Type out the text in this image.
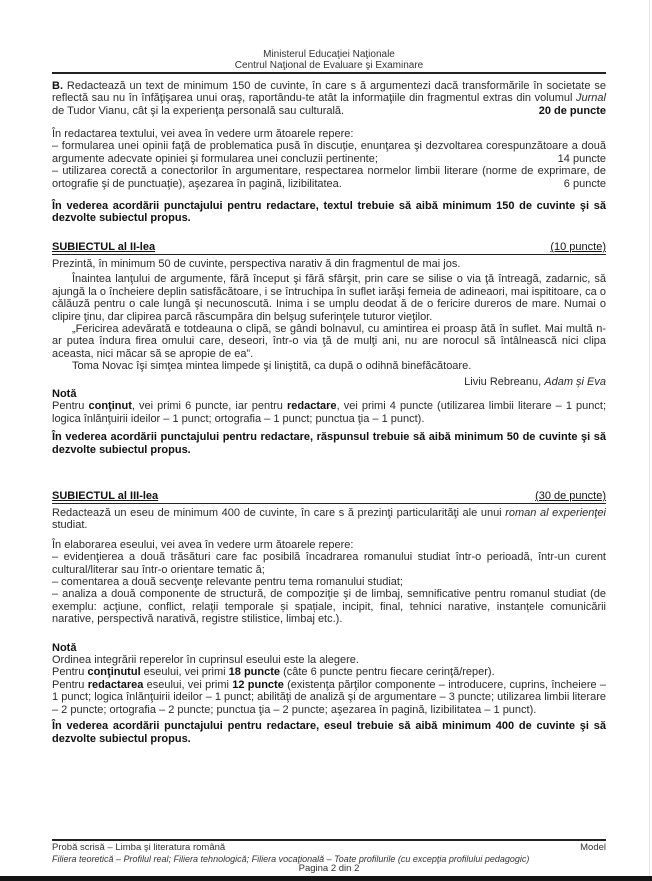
Ministerul Educaţiei Naţionale
Centrul Naţional de Evaluare şi Examinare
B. Redactează un text de minimum 150 de cuvinte, în care s ă argumentezi dacă transformările în societate se reflectă sau nu în înfăţişarea unui oraş, raportându-te atât la informaţiile din fragmentul extras din volumul Jurnal de Tudor Vianu, cât şi la experienţa personală sau culturală.	20 de puncte
În redactarea textului, vei avea în vedere urm ătoarele repere:
– formularea unei opinii faţă de problematica pusă în discuţie, enunţarea şi dezvoltarea corespunzătoare a două argumente adecvate opiniei şi formularea unei concluzii pertinente;	14 puncte
– utilizarea corectă a conectorilor în argumentare, respectarea normelor limbii literare (norme de exprimare, de ortografie şi de punctuaţie), aşezarea în pagină, lizibilitatea.	6 puncte
În vederea acordării punctajului pentru redactare, textul trebuie să aibă minimum 150 de cuvinte şi să dezvolte subiectul propus.
SUBIECTUL al II-lea	(10 puncte)
Prezintă, în minimum 50 de cuvinte, perspectiva narativ ă din fragmentul de mai jos.
Înaintea lanţului de argumente, fără început şi fără sfârşit, prin care se silise o via ţă întreagă, zadarnic, să ajungă la o încheiere deplin satisfăcătoare, i se întruchipa în suflet iarăşi femeia de adineaori, mai ispititoare, ca o călăuză pentru o cale lungă şi necunoscută. Inima i se umplu deodat ă de o fericire dureros de mare. Numai o clipire ţinu, dar clipirea parcă răscumpăra din belşug suferinţele tuturor vieţilor.
„Fericirea adevărată e totdeauna o clipă, se gândi bolnavul, cu amintirea ei proasp ătă în suflet. Mai multă n-ar putea îndura firea omului care, deseori, într-o via ţă de mulţi ani, nu are norocul să întâlnească nici clipa aceasta, nici măcar să se apropie de ea”.
Toma Novac îşi simţea mintea limpede şi liniştită, ca după o odihnă binefăcătoare.
Liviu Rebreanu, Adam și Eva
Notă
Pentru conţinut, vei primi 6 puncte, iar pentru redactare, vei primi 4 puncte (utilizarea limbii literare – 1 punct; logica înlănţuirii ideilor – 1 punct; ortografia – 1 punct; punctua ţia – 1 punct).
În vederea acordării punctajului pentru redactare, răspunsul trebuie să aibă minimum 50 de cuvinte şi să dezvolte subiectul propus.
SUBIECTUL al III-lea	(30 de puncte)
Redactează un eseu de minimum 400 de cuvinte, în care s ă prezinţi particularităţi ale unui roman al experienţei studiat.
În elaborarea eseului, vei avea în vedere urm ătoarele repere:
– evidenţierea a două trăsături care fac posibilă încadrarea romanului studiat într-o perioadă, într-un curent cultural/literar sau într-o orientare tematic ă;
– comentarea a două secvenţe relevante pentru tema romanului studiat;
– analiza a două componente de structură, de compoziţie şi de limbaj, semnificative pentru romanul studiat (de exemplu: acţiune, conflict, relaţii temporale și spațiale, incipit, final, tehnici narative, instanțele comunicării narative, perspectivă narativă, registre stilistice, limbaj etc.).
Notă
Ordinea integrării reperelor în cuprinsul eseului este la alegere.
Pentru conţinutul eseului, vei primi 18 puncte (câte 6 puncte pentru fiecare cerinţă/reper).
Pentru redactarea eseului, vei primi 12 puncte (existenţa părţilor componente – introducere, cuprins, încheiere – 1 punct; logica înlănţuirii ideilor – 1 punct; abilităţi de analiză şi de argumentare – 3 puncte; utilizarea limbii literare – 2 puncte; ortografia – 2 puncte; punctua ţia – 2 puncte; aşezarea în pagină, lizibilitatea – 1 punct).
În vederea acordării punctajului pentru redactare, eseul trebuie să aibă minimum 400 de cuvinte şi să dezvolte subiectul propus.
Probă scrisă – Limba şi literatura română	Model
Filiera teoretică – Profilul real; Filiera tehnologică; Filiera vocaţională – Toate profilurile (cu excepţia profilului pedagogic)
Pagina 2 din 2
